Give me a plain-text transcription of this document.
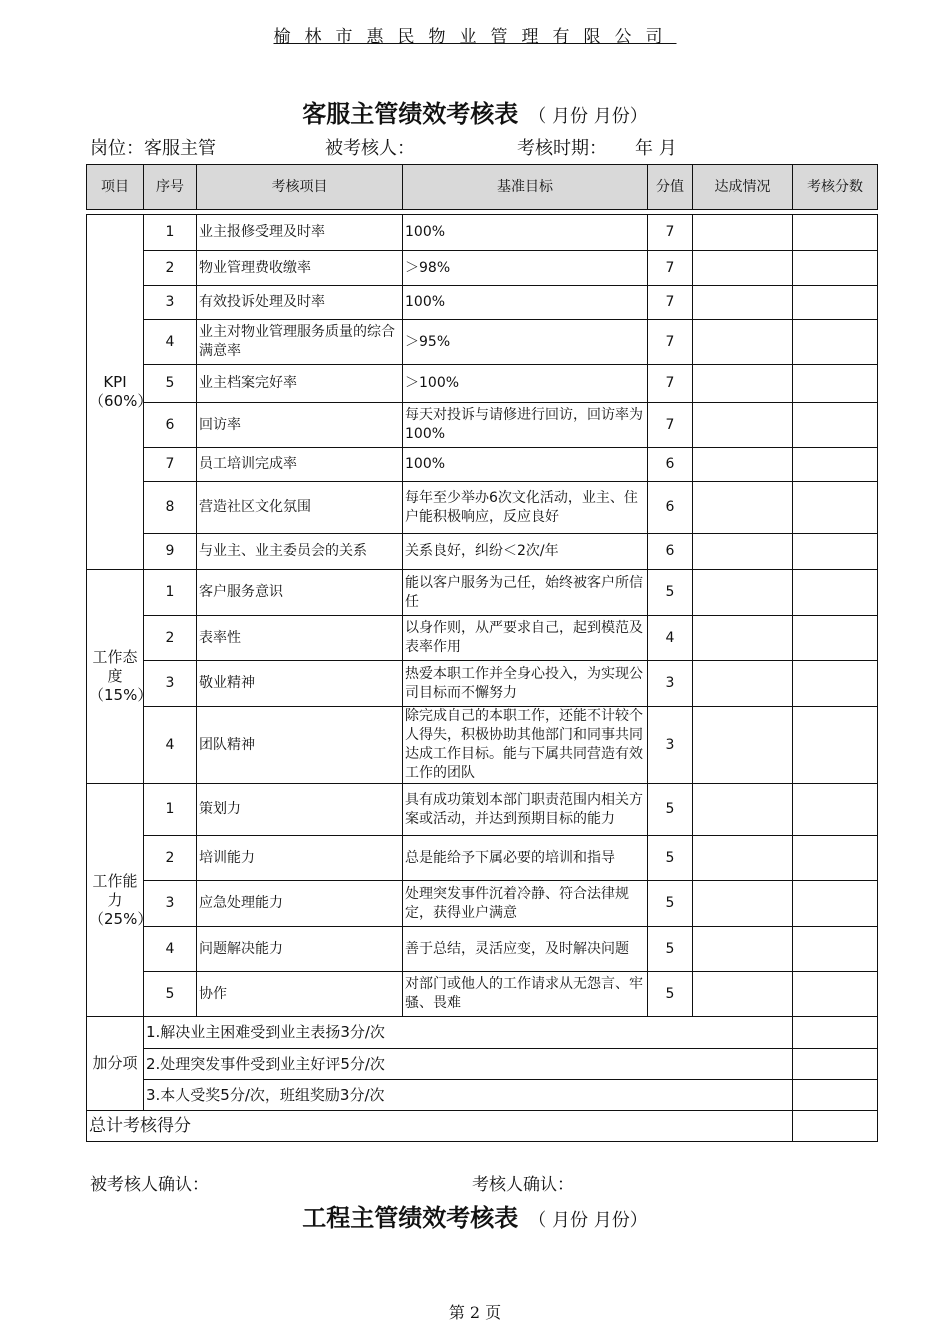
榆林市惠民物业管理有限公司
客服主管绩效考核表 （ 月份 月份）
岗位：客服主管	被考核人：	考核时期： 年 月
项目	序号	考核项目	基准目标	分值	达成情况	考核分数

KPI（60%）	1	业主报修受理及时率	100%	7		
	2	物业管理费收缴率	＞98%	7		
	3	有效投诉处理及时率	100%	7		
	4	业主对物业管理服务质量的综合满意率	＞95%	7		
	5	业主档案完好率	＞100%	7		
	6	回访率	每天对投诉与请修进行回访，回访率为100%	7		
	7	员工培训完成率	100%	6		
	8	营造社区文化氛围	每年至少举办6次文化活动，业主、住户能积极响应，反应良好	6		
	9	与业主、业主委员会的关系	关系良好，纠纷＜2次/年	6		
工作态度（15%）	1	客户服务意识	能以客户服务为己任，始终被客户所信任	5		
	2	表率性	以身作则，从严要求自己，起到模范及表率作用	4		
	3	敬业精神	热爱本职工作并全身心投入，为实现公司目标而不懈努力	3		
	4	团队精神	除完成自己的本职工作，还能不计较个人得失，积极协助其他部门和同事共同达成工作目标。能与下属共同营造有效工作的团队	3		
工作能力（25%）	1	策划力	具有成功策划本部门职责范围内相关方案或活动，并达到预期目标的能力	5		
	2	培训能力	总是能给予下属必要的培训和指导	5		
	3	应急处理能力	处理突发事件沉着冷静、符合法律规定，获得业户满意	5		
	4	问题解决能力	善于总结，灵活应变，及时解决问题	5		
	5	协作	对部门或他人的工作请求从无怨言、牢骚、畏难	5		
加分项	1.解决业主困难受到业主表扬3分/次					
	2.处理突发事件受到业主好评5分/次					
	3.本人受奖5分/次，班组奖励3分/次					
总计考核得分						
被考核人确认：	考核人确认：
工程主管绩效考核表 （ 月份 月份）
第 2 页
